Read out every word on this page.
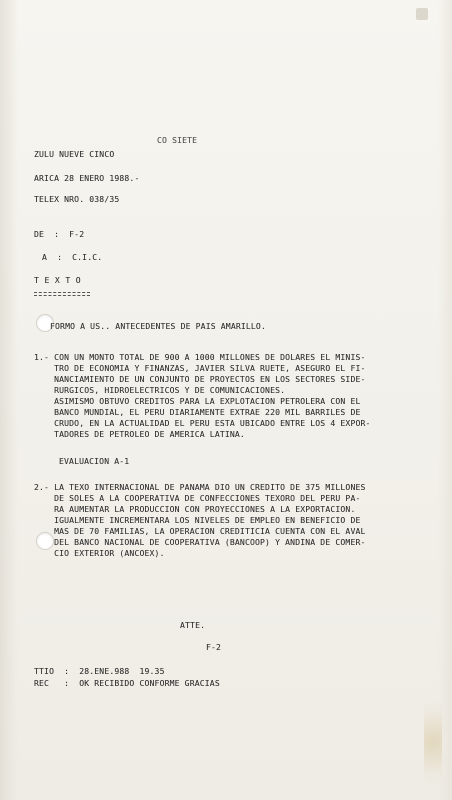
CO SIETE
ZULU NUEVE CINCO
ARICA 28 ENERO 1988.-
TELEX NRO. 038/35
DE  :  F-2
A  :  C.I.C.
T E X T O
FORMO A US.. ANTECEDENTES DE PAIS AMARILLO.
1.- CON UN MONTO TOTAL DE 900 A 1000 MILLONES DE DOLARES EL MINIS-
TRO DE ECONOMIA Y FINANZAS, JAVIER SILVA RUETE, ASEGURO EL FI-
NANCIAMIENTO DE UN CONJUNTO DE PROYECTOS EN LOS SECTORES SIDE-
RURGICOS, HIDROELECTRICOS Y DE COMUNICACIONES.
ASIMISMO OBTUVO CREDITOS PARA LA EXPLOTACION PETROLERA CON EL
BANCO MUNDIAL, EL PERU DIARIAMENTE EXTRAE 220 MIL BARRILES DE
CRUDO, EN LA ACTUALIDAD EL PERU ESTA UBICADO ENTRE LOS 4 EXPOR-
TADORES DE PETROLEO DE AMERICA LATINA.
EVALUACION A-1
2.- LA TEXO INTERNACIONAL DE PANAMA DIO UN CREDITO DE 375 MILLONES
DE SOLES A LA COOPERATIVA DE CONFECCIONES TEXORO DEL PERU PA-
RA AUMENTAR LA PRODUCCION CON PROYECCIONES A LA EXPORTACION.
IGUALMENTE INCREMENTARA LOS NIVELES DE EMPLEO EN BENEFICIO DE
MAS DE 70 FAMILIAS, LA OPERACION CREDITICIA CUENTA CON EL AVAL
DEL BANCO NACIONAL DE COOPERATIVA (BANCOOP) Y ANDINA DE COMER-
CIO EXTERIOR (ANCOEX).
ATTE.
F-2
TTIO  :  28.ENE.988  19.35
REC   :  OK RECIBIDO CONFORME GRACIAS
